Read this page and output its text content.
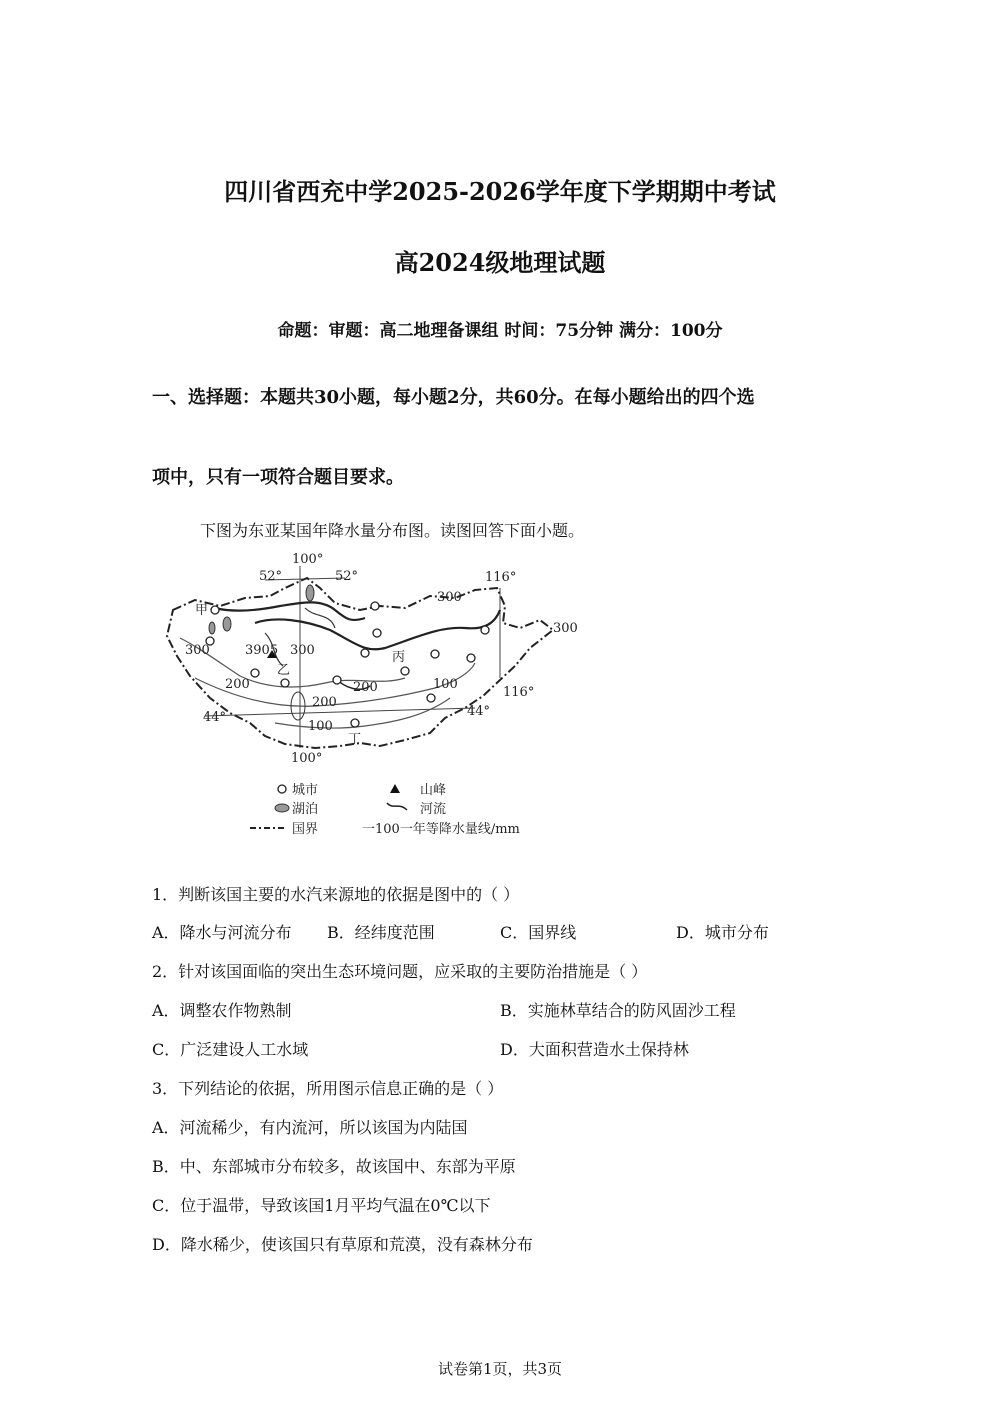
四川省西充中学2025-2026学年度下学期期中考试
高2024级地理试题
命题：审题：高二地理备课组 时间：75分钟 满分：100分
一、选择题：本题共30小题，每小题2分，共60分。在每小题给出的四个选
项中，只有一项符合题目要求。
下图为东亚某国年降水量分布图。读图回答下面小题。
100°
100°
52°	52°	116°
116°
44°	44°
300
300
300
300
200
200
200	100
100
3905
甲
乙
丙
丁
城市	山峰
湖泊	河流
国界	一100一年等降水量线/mm
1．判断该国主要的水汽来源地的依据是图中的（ ）
A．降水与河流分布 B．经纬度范围	C．国界线	D．城市分布
2．针对该国面临的突出生态环境问题，应采取的主要防治措施是（ ）
A．调整农作物熟制	B．实施林草结合的防风固沙工程
C．广泛建设人工水域	D．大面积营造水土保持林
3．下列结论的依据，所用图示信息正确的是（ ）
A．河流稀少，有内流河，所以该国为内陆国
B．中、东部城市分布较多，故该国中、东部为平原
C．位于温带，导致该国1月平均气温在0℃以下
D．降水稀少，使该国只有草原和荒漠，没有森林分布
试卷第1页，共3页
